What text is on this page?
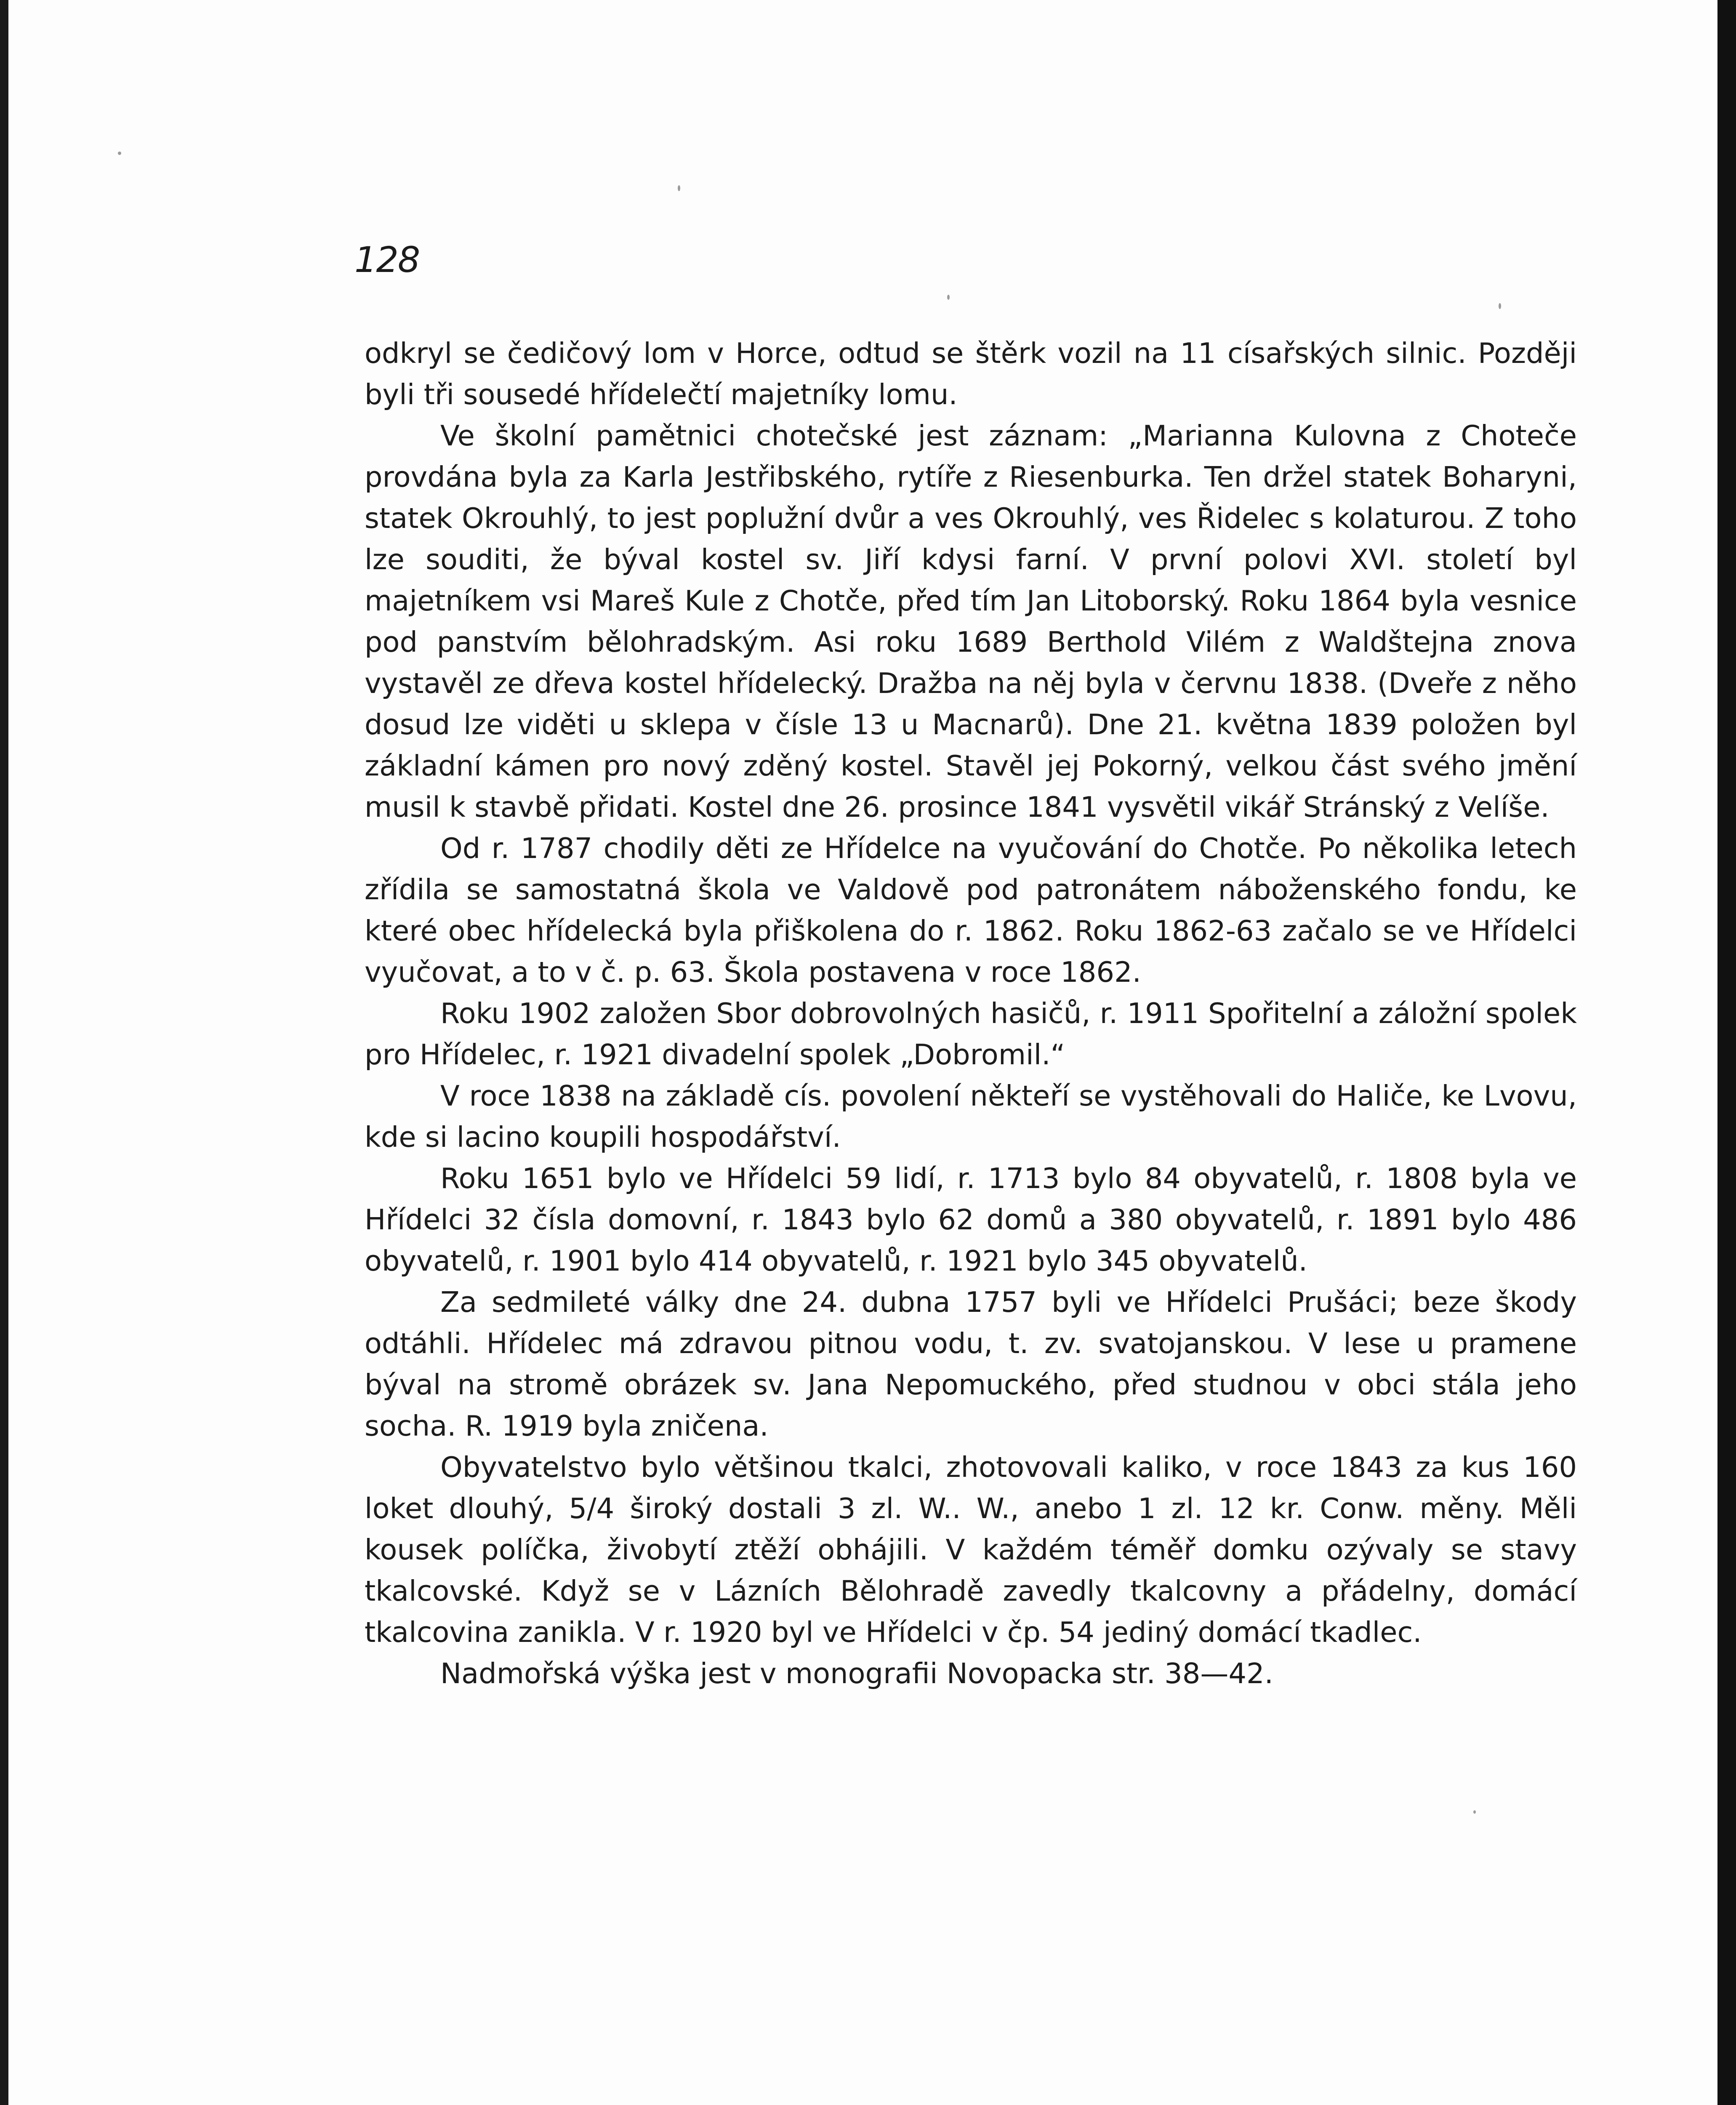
128

odkryl se čedičový lom v Horce, odtud se štěrk vozil na 11 císařských silnic. Později byli tři sousedé hřídelečtí majetníky lomu.

Ve školní pamětnici chotečské jest záznam: „Marianna Kulovna z Choteče provdána byla za Karla Jestřibského, rytíře z Riesenburka. Ten držel statek Boharyni, statek Okrouhlý, to jest poplužní dvůr a ves Okrouhlý, ves Řidelec s kolaturou. Z toho lze souditi, že býval kostel sv. Jiří kdysi farní. V první polovi XVI. století byl majetníkem vsi Mareš Kule z Chotče, před tím Jan Litoborský. Roku 1864 byla vesnice pod panstvím bělohradským. Asi roku 1689 Berthold Vilém z Waldštejna znova vystavěl ze dřeva kostel hřídelecký. Dražba na něj byla v červnu 1838. (Dveře z něho dosud lze viděti u sklepa v čísle 13 u Macnarů). Dne 21. května 1839 položen byl základní kámen pro nový zděný kostel. Stavěl jej Pokorný, velkou část svého jmění musil k stavbě přidati. Kostel dne 26. prosince 1841 vysvětil vikář Stránský z Velíše.

Od r. 1787 chodily děti ze Hřídelce na vyučování do Chotče. Po několika letech zřídila se samostatná škola ve Valdově pod patronátem náboženského fondu, ke které obec hřídelecká byla přiškolena do r. 1862. Roku 1862-63 začalo se ve Hřídelci vyučovat, a to v č. p. 63. Škola postavena v roce 1862.

Roku 1902 založen Sbor dobrovolných hasičů, r. 1911 Spořitelní a záložní spolek pro Hřídelec, r. 1921 divadelní spolek „Dobromil.“

V roce 1838 na základě cís. povolení někteří se vystěhovali do Haliče, ke Lvovu, kde si lacino koupili hospodářství.

Roku 1651 bylo ve Hřídelci 59 lidí, r. 1713 bylo 84 obyvatelů, r. 1808 byla ve Hřídelci 32 čísla domovní, r. 1843 bylo 62 domů a 380 obyvatelů, r. 1891 bylo 486 obyvatelů, r. 1901 bylo 414 obyvatelů, r. 1921 bylo 345 obyvatelů.

Za sedmileté války dne 24. dubna 1757 byli ve Hřídelci Prušáci; beze škody odtáhli. Hřídelec má zdravou pitnou vodu, t. zv. svatojanskou. V lese u pramene býval na stromě obrázek sv. Jana Nepomuckého, před studnou v obci stála jeho socha. R. 1919 byla zničena.

Obyvatelstvo bylo většinou tkalci, zhotovovali kaliko, v roce 1843 za kus 160 loket dlouhý, 5/4 široký dostali 3 zl. W.. W., anebo 1 zl. 12 kr. Conw. měny. Měli kousek políčka, živobytí ztěží obhájili. V každém téměř domku ozývaly se stavy tkalcovské. Když se v Lázních Bělohradě zavedly tkalcovny a přádelny, domácí tkalcovina zanikla. V r. 1920 byl ve Hřídelci v čp. 54 jediný domácí tkadlec.

Nadmořská výška jest v monografii Novopacka str. 38—42.
